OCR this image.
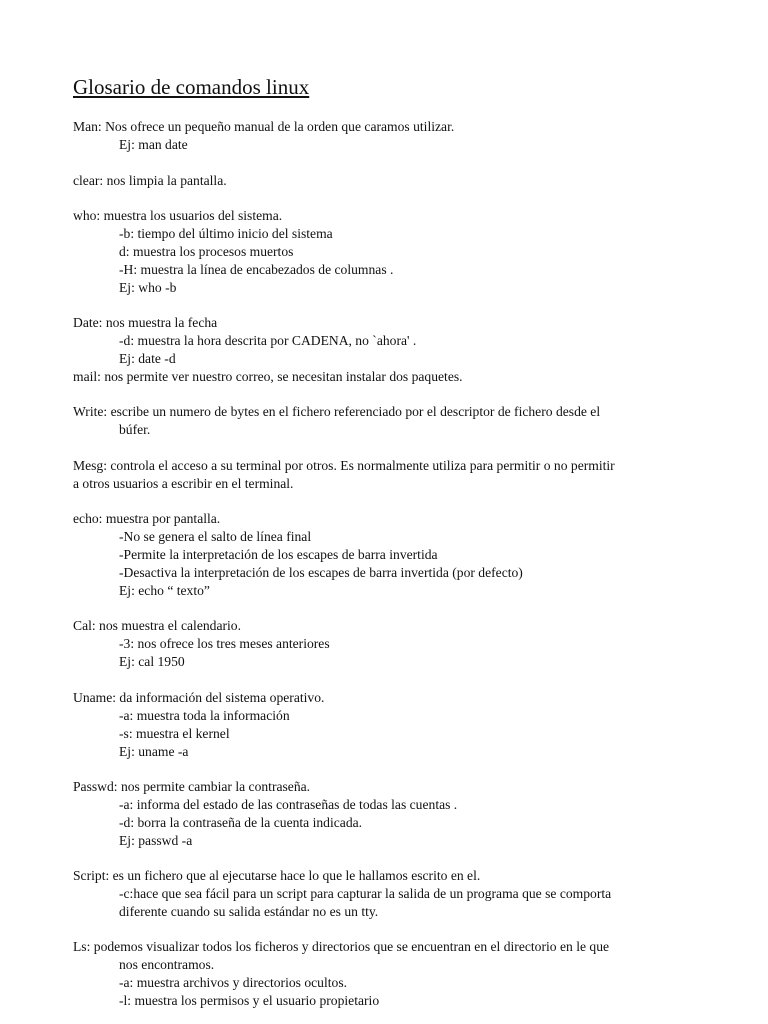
Glosario de comandos linux

Man: Nos ofrece un pequeño manual de la orden que caramos utilizar.

Ej: man date

clear: nos limpia la pantalla.

who: muestra los usuarios del sistema.

-b: tiempo del último inicio del sistema

d: muestra los procesos muertos

-H: muestra la línea de encabezados de columnas .

Ej: who -b

Date: nos muestra la fecha

-d: muestra la hora descrita por CADENA, no `ahora' .

Ej: date -d

mail: nos permite ver nuestro correo, se necesitan instalar dos paquetes.

Write: escribe un numero de bytes en el fichero referenciado por el descriptor de fichero desde el

búfer.

Mesg: controla el acceso a su terminal por otros. Es normalmente utiliza para permitir o no permitir

a otros usuarios a escribir en el terminal.

echo: muestra por pantalla.

-No se genera el salto de línea final

-Permite la interpretación de los escapes de barra invertida

-Desactiva la interpretación de los escapes de barra invertida (por defecto)

Ej: echo “ texto”

Cal: nos muestra el calendario.

-3: nos ofrece los tres meses anteriores

Ej: cal 1950

Uname: da información del sistema operativo.

-a: muestra toda la información

-s: muestra el kernel

Ej: uname -a

Passwd: nos permite cambiar la contraseña.

-a: informa del estado de las contraseñas de todas las cuentas .

-d: borra la contraseña de la cuenta indicada.

Ej: passwd -a

Script: es un fichero que al ejecutarse hace lo que le hallamos escrito en el.

-c:hace que sea fácil para un script para capturar la salida de un programa que se comporta

diferente cuando su salida estándar no es un tty.

Ls: podemos visualizar todos los ficheros y directorios que se encuentran en el directorio en le que

nos encontramos.

-a: muestra archivos y directorios ocultos.

-l: muestra los permisos y el usuario propietario
